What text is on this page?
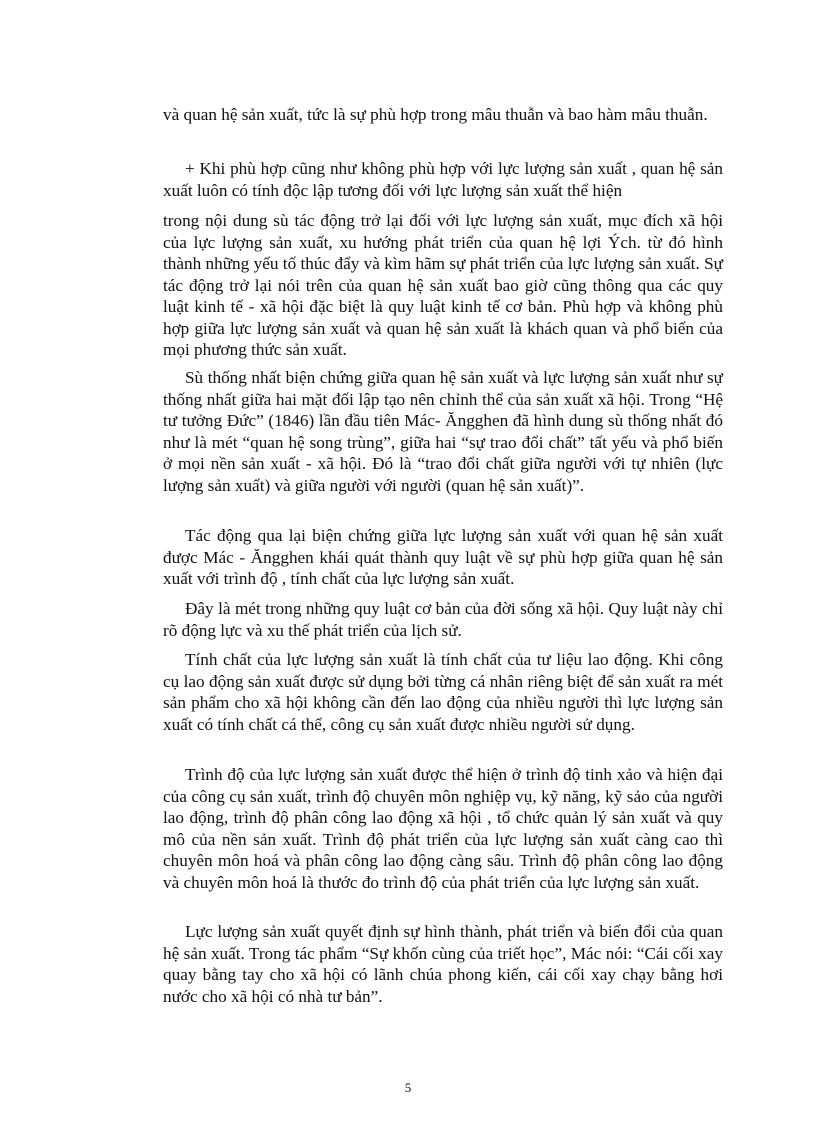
và quan hệ sản xuất, tức là sự phù hợp trong mâu thuẫn và bao hàm mâu thuẫn.

+ Khi phù hợp cũng như không phù hợp với lực lượng sản xuất , quan hệ sản xuất luôn có tính độc lập tương đối với lực lượng sản xuất thể hiện

trong nội dung sù tác động trở lại đối với lực lượng sản xuất, mục đích xã hội của lực lượng sản xuất, xu hướng phát triển của quan hệ lợi Ých. từ đó hình thành những yếu tố thúc đẩy và kìm hãm sự phát triển của lực lượng sản xuất. Sự tác động trở lại nói trên của quan hệ sản xuất bao giờ cũng thông qua các quy luật kinh tế - xã hội đặc biệt là quy luật kinh tế cơ bản. Phù hợp và không phù hợp giữa lực lượng sản xuất và quan hệ sản xuất là khách quan và phổ biến của mọi phương thức sản xuất.

Sù thống nhất biện chứng giữa quan hệ sản xuất và lực lượng sản xuất như sự thống nhất giữa hai mặt đối lập tạo nên chỉnh thể của sản xuất xã hội. Trong “Hệ tư tưởng Đức” (1846) lần đầu tiên Mác- Ăngghen đã hình dung sù thống nhất đó như là mét “quan hệ song trùng”, giữa hai “sự trao đổi chất” tất yếu và phổ biến ở mọi nền sản xuất - xã hội. Đó là “trao đổi chất giữa người với tự nhiên (lực lượng sản xuất) và giữa người với người (quan hệ sản xuất)”.

Tác động qua lại biện chứng giữa lực lượng sản xuất với quan hệ sản xuất được Mác - Ăngghen khái quát thành quy luật về sự phù hợp giữa quan hệ sản xuất với trình độ , tính chất của lực lượng sản xuất.

Đây là mét trong những quy luật cơ bản của đời sống xã hội. Quy luật này chỉ rõ động lực và xu thế phát triển của lịch sử.

Tính chất của lực lượng sản xuất là tính chất của tư liệu lao động. Khi công cụ lao động sản xuất được sử dụng bởi từng cá nhân riêng biệt để sản xuất ra mét sản phẩm cho xã hội không cần đến lao động của nhiều người thì lực lượng sản xuất có tính chất cá thể, công cụ sản xuất được nhiều người sử dụng.

Trình độ của lực lượng sản xuất được thể hiện ở trình độ tinh xảo và hiện đại của công cụ sản xuất, trình độ chuyên môn nghiệp vụ, kỹ năng, kỹ sảo của người lao động, trình độ phân công lao động xã hội , tổ chức quản lý sản xuất và quy mô của nền sản xuất. Trình độ phát triển của lực lượng sản xuất càng cao thì chuyên môn hoá và phân công lao động càng sâu. Trình độ phân công lao động và chuyên môn hoá là thước đo trình độ của phát triển của lực lượng sản xuất.

Lực lượng sản xuất quyết định sự hình thành, phát triển và biến đổi của quan hệ sản xuất. Trong tác phẩm “Sự khốn cùng của triết học”, Mác nói: “Cái cối xay quay bằng tay cho xã hội có lãnh chúa phong kiến, cái cối xay chạy bằng hơi nước cho xã hội có nhà tư bản”.

5
